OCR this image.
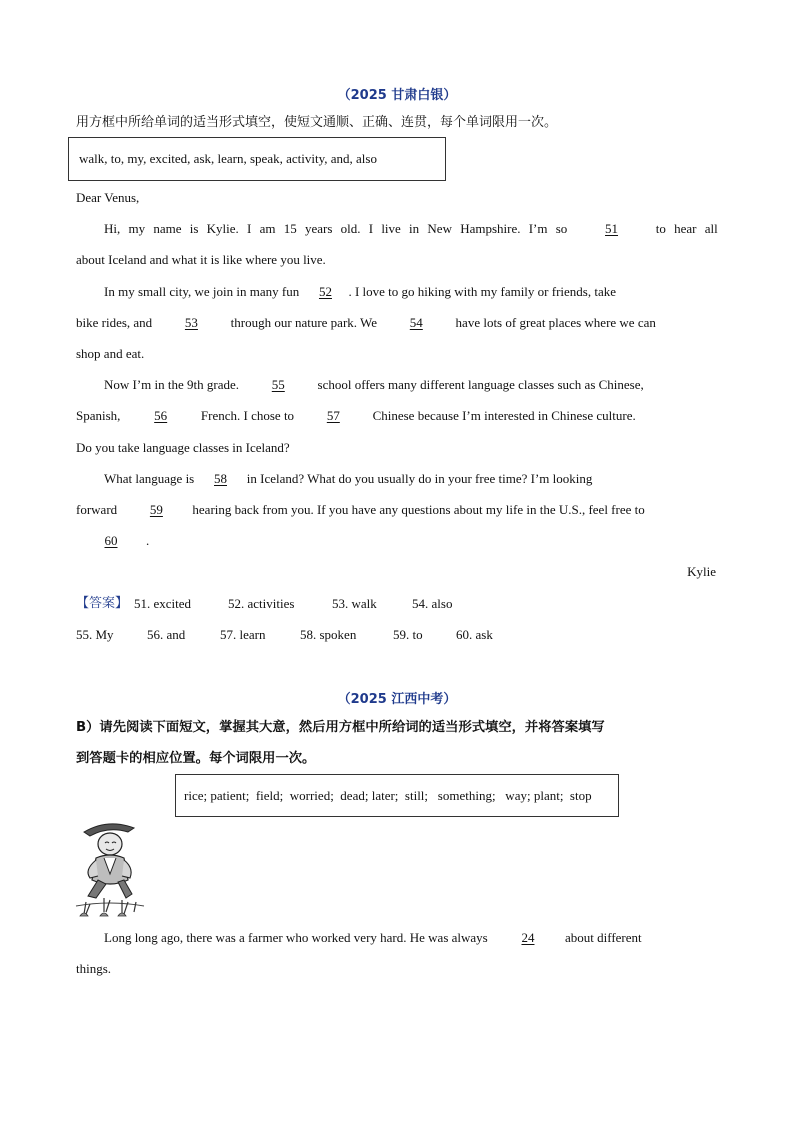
（2025 甘肃白银）
用方框中所给单词的适当形式填空，使短文通顺、正确、连贯，每个单词限用一次。
walk, to, my, excited, ask, learn, speak, activity, and, also
Dear Venus,
Hi, my name is Kylie. I am 15 years old. I live in New Hampshire. I’m so	51	to hear all
about Iceland and what it is like where you live.
In my small city, we join in many fun 52 . I love to go hiking with my family or friends, take
bike rides, and	53	through our nature park. We	54	have lots of great places where we can
shop and eat.
Now I’m in the 9th grade.	55	school offers many different language classes such as Chinese,
Spanish,	56	French. I chose to	57	Chinese because I’m interested in Chinese culture.
Do you take language classes in Iceland?
What language is 58 in Iceland? What do you usually do in your free time? I’m looking
forward	59 hearing back from you. If you have any questions about my life in the U.S., feel free to
60 .
Kylie
【答案】 51. excited	52. activities	53. walk	54. also
55. My	56. and	57. learn	58. spoken	59. to	60. ask
（2025 江西中考）
B）请先阅读下面短文，掌握其大意，然后用方框中所给词的适当形式填空，并将答案填写
到答题卡的相应位置。每个词限用一次。
rice; patient;  field;  worried;  dead; later;  still;   something;   way; plant;  stop
Long long ago, there was a farmer who worked very hard. He was always	24 about different
things.
